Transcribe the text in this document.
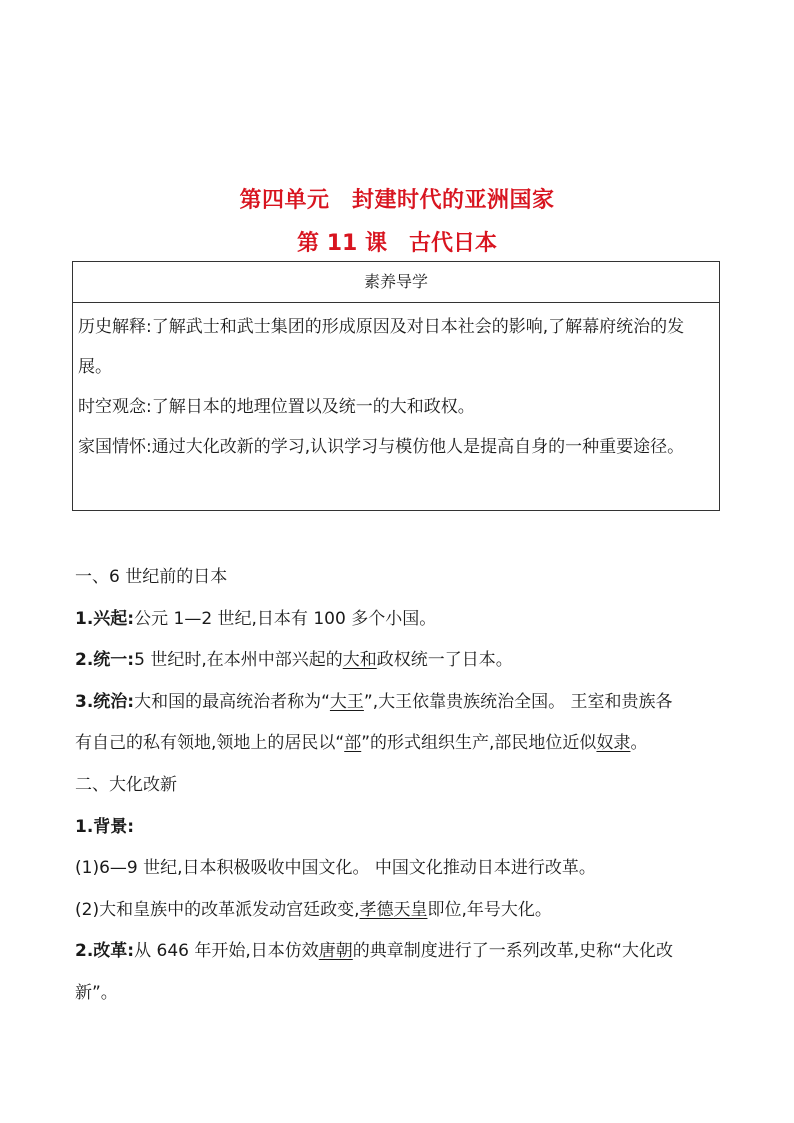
第四单元　封建时代的亚洲国家
第 11 课　古代日本
素养导学

历史解释:了解武士和武士集团的形成原因及对日本社会的影响,了解幕府统治的发展。

时空观念:了解日本的地理位置以及统一的大和政权。

家国情怀:通过大化改新的学习,认识学习与模仿他人是提高自身的一种重要途径。

一、6 世纪前的日本
1.兴起:公元 1—2 世纪,日本有 100 多个小国。
2.统一:5 世纪时,在本州中部兴起的大和政权统一了日本。
3.统治:大和国的最高统治者称为“大王”,大王依靠贵族统治全国。 王室和贵族各
有自己的私有领地,领地上的居民以“部”的形式组织生产,部民地位近似奴隶。
二、大化改新
1.背景:
(1)6—9 世纪,日本积极吸收中国文化。 中国文化推动日本进行改革。
(2)大和皇族中的改革派发动宫廷政变,孝德天皇即位,年号大化。
2.改革:从 646 年开始,日本仿效唐朝的典章制度进行了一系列改革,史称“大化改
新”。
